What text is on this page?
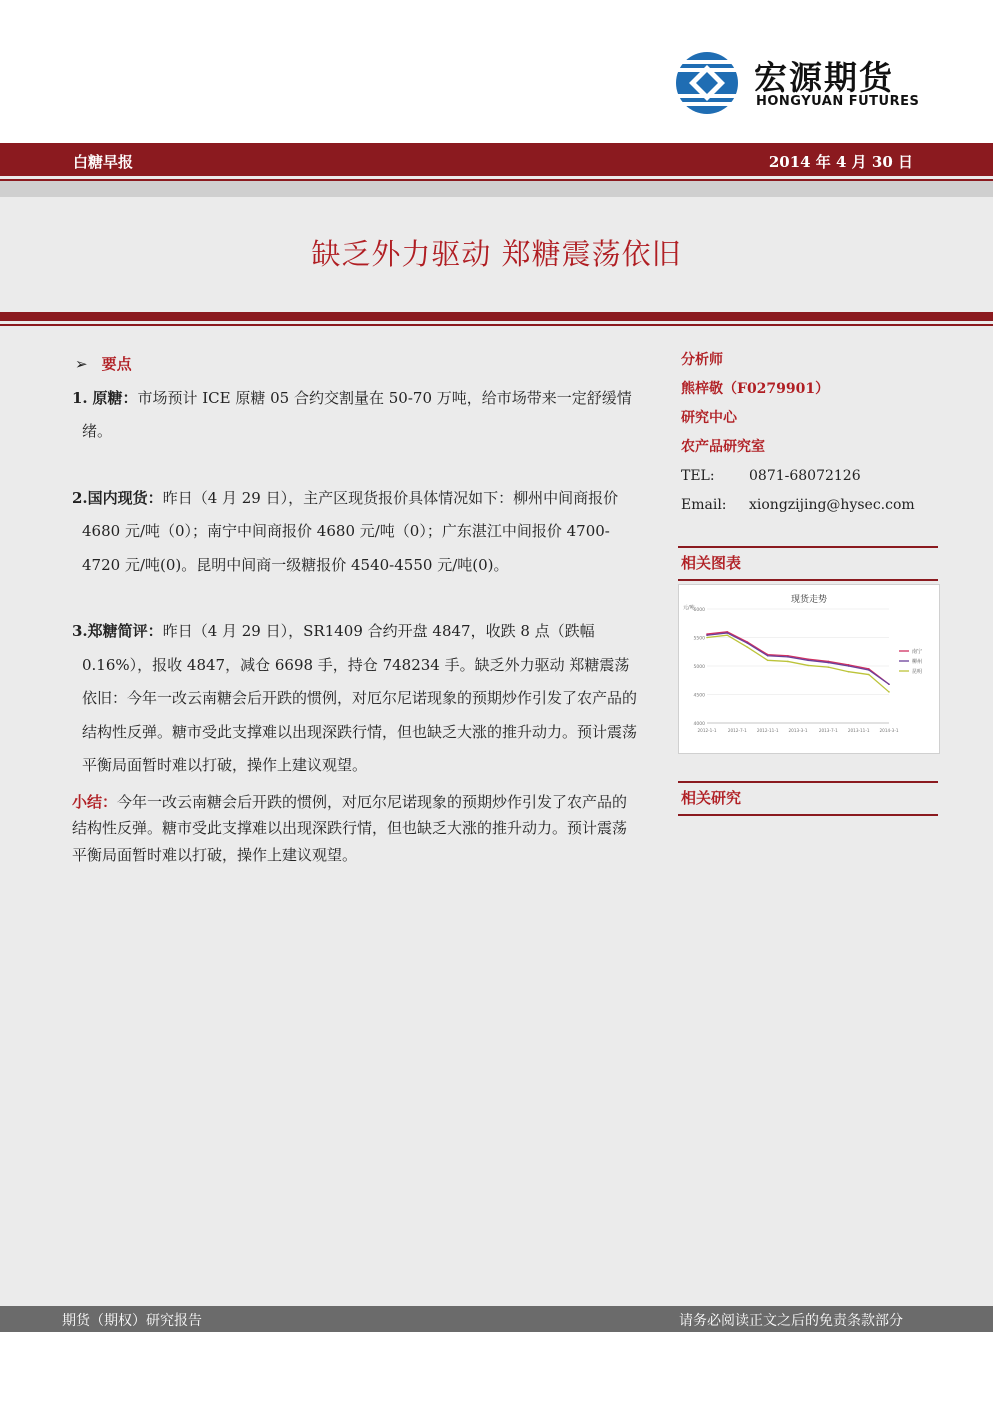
宏源期货
HONGYUAN FUTURES
白糖早报	2014 年 4 月 30 日
缺乏外力驱动 郑糖震荡依旧

➢ 要点

1. 原糖：市场预计 ICE 原糖 05 合约交割量在 50-70 万吨，给市场带来一定舒缓情绪。

2.国内现货：昨日（4 月 29 日），主产区现货报价具体情况如下：柳州中间商报价 4680 元/吨（0）；南宁中间商报价 4680 元/吨（0）；广东湛江中间报价 4700-4720 元/吨(0)。昆明中间商一级糖报价 4540-4550 元/吨(0)。

3.郑糖简评：昨日（4 月 29 日），SR1409 合约开盘 4847，收跌 8 点（跌幅 0.16%），报收 4847，减仓 6698 手，持仓 748234 手。缺乏外力驱动 郑糖震荡依旧：今年一改云南糖会后开跌的惯例，对厄尔尼诺现象的预期炒作引发了农产品的结构性反弹。糖市受此支撑难以出现深跌行情，但也缺乏大涨的推升动力。预计震荡平衡局面暂时难以打破，操作上建议观望。

小结：今年一改云南糖会后开跌的惯例，对厄尔尼诺现象的预期炒作引发了农产品的结构性反弹。糖市受此支撑难以出现深跌行情，但也缺乏大涨的推升动力。预计震荡平衡局面暂时难以打破，操作上建议观望。

分析师
熊梓敬（F0279901）
研究中心
农产品研究室
TEL: 0871-68072126
Email: xiongzijing@hysec.com
相关图表
现货走势
元/吨
6000
5500
5000
4500
4000
2012-1-1	2012-7-1 2012-11-1 2013-3-1	2013-7-1 2013-11-1 2014-3-1
南宁
柳州
昆明
相关研究
期货（期权）研究报告	请务必阅读正文之后的免责条款部分
